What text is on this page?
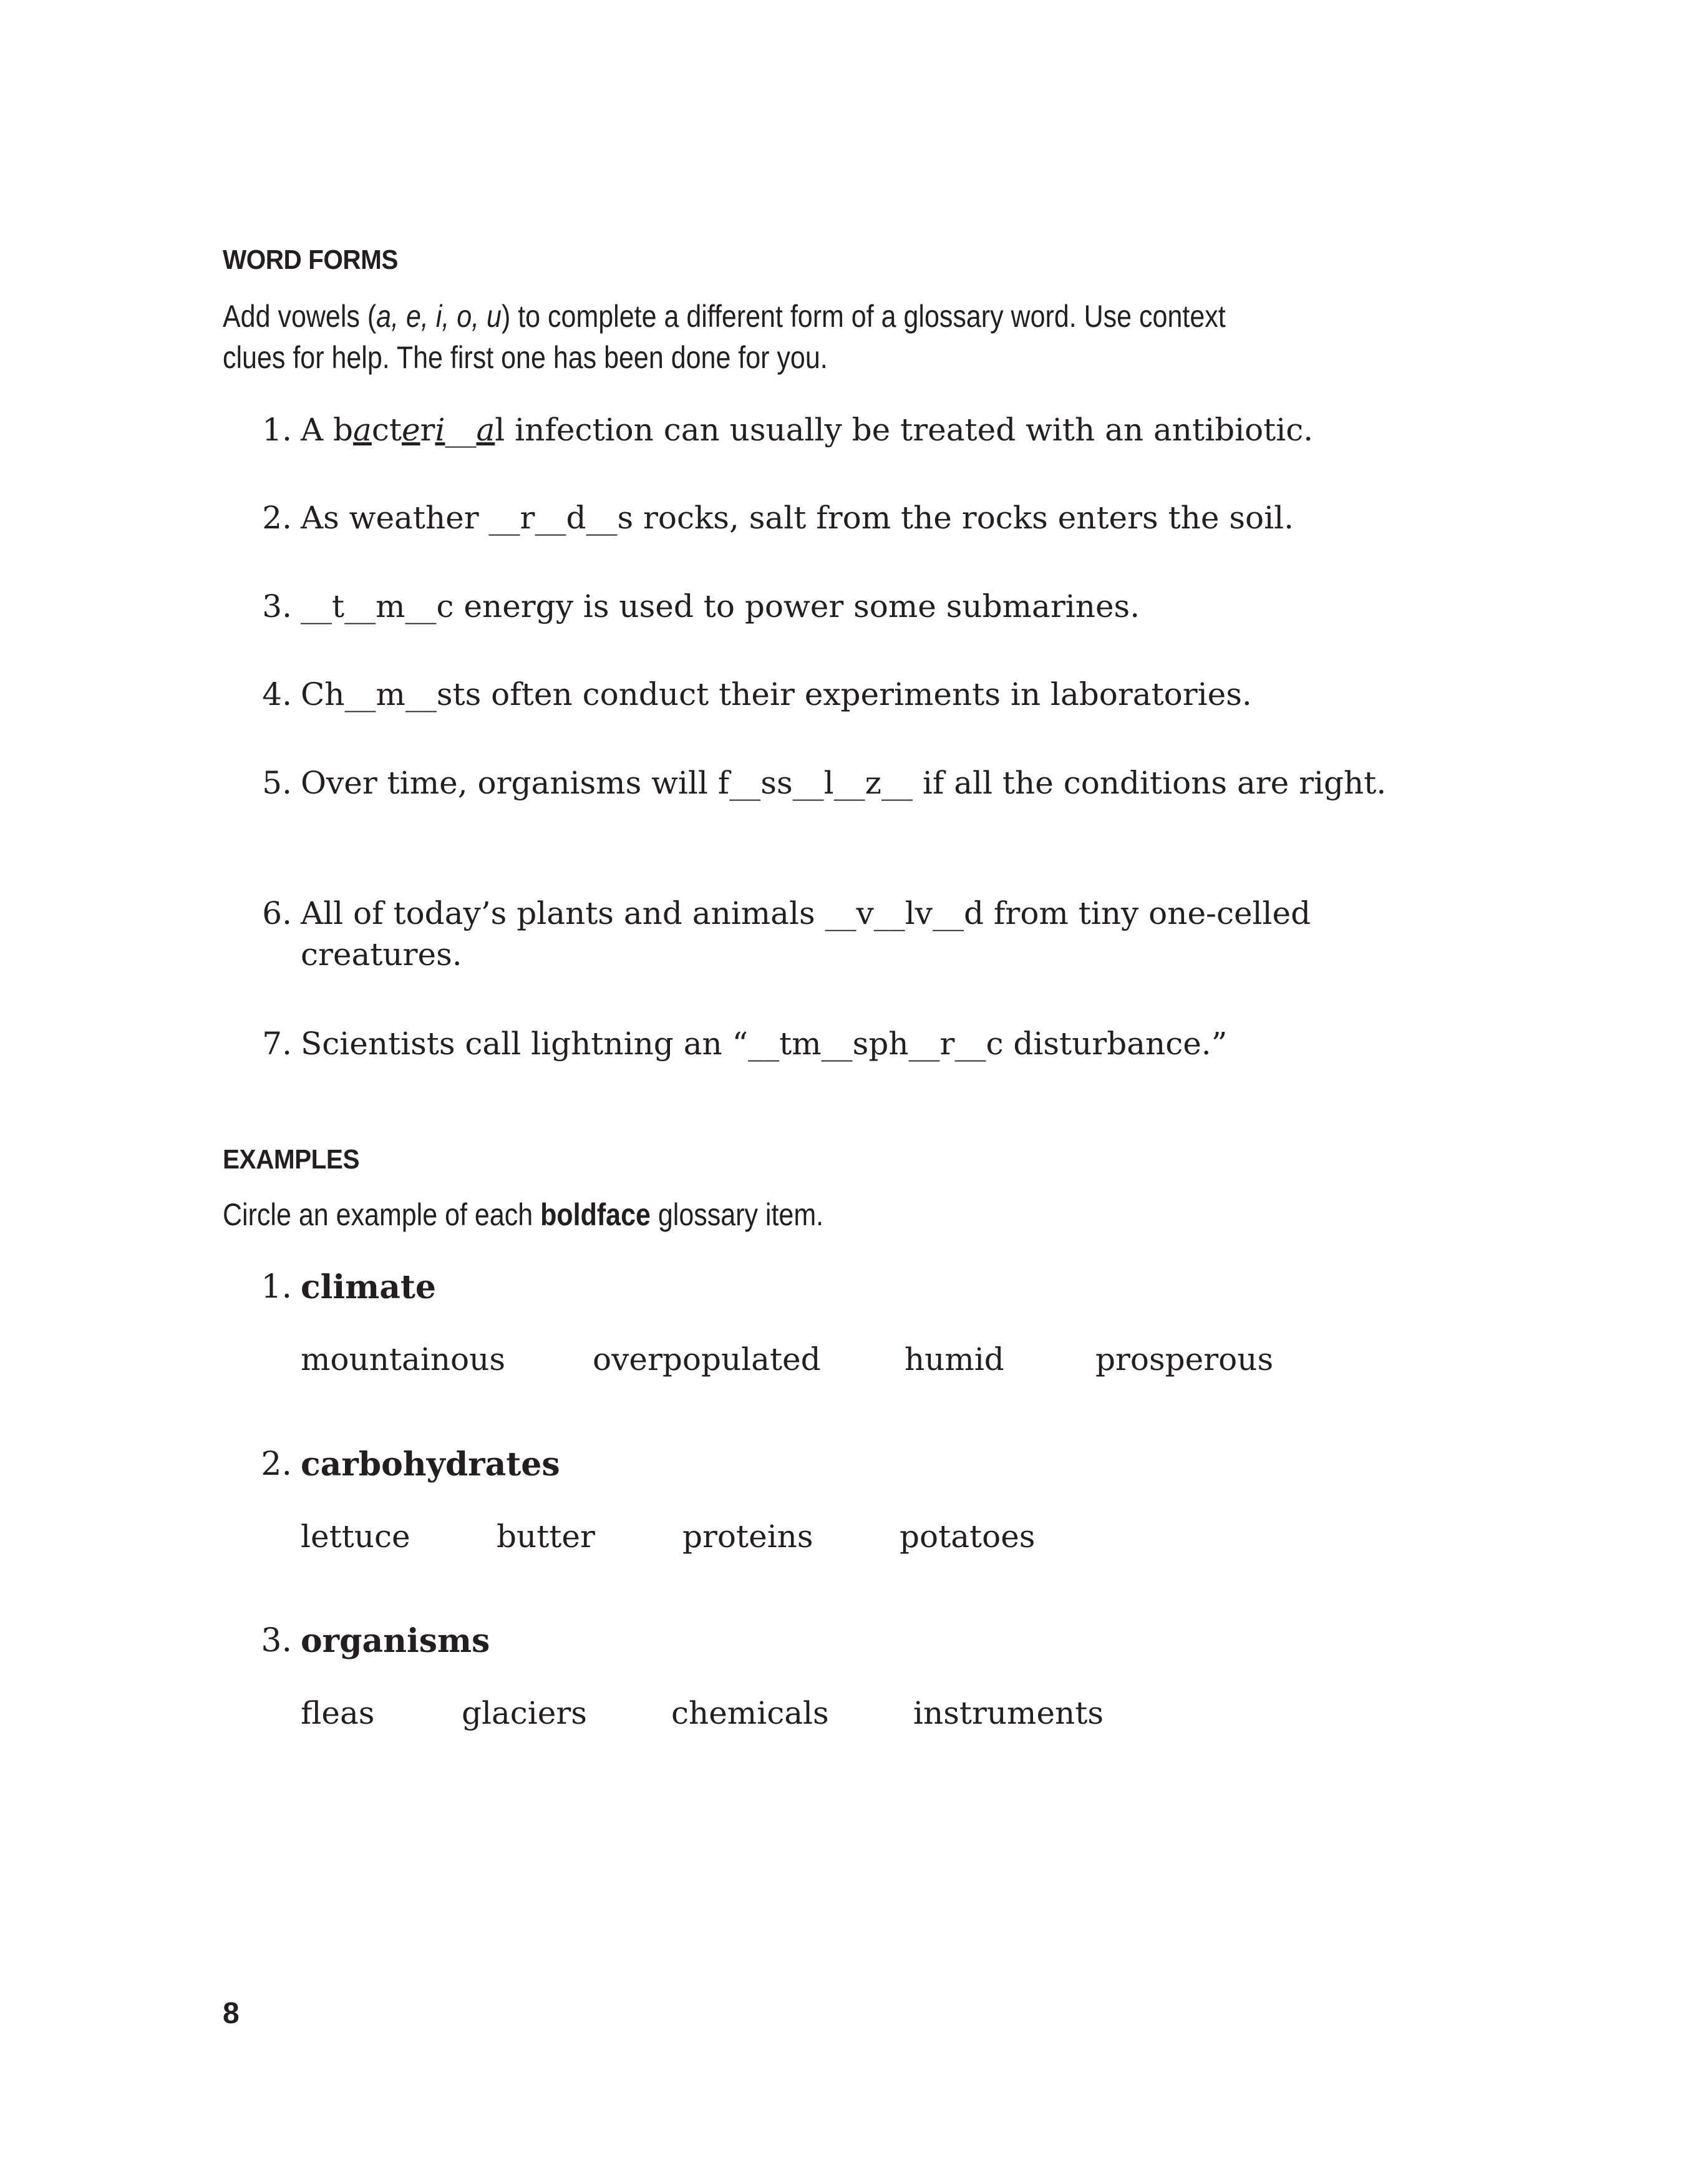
WORD FORMS
Add vowels (a, e, i, o, u) to complete a different form of a glossary word. Use context clues for help. The first one has been done for you.
1. A bacteri__al infection can usually be treated with an antibiotic.
2. As weather __r__d__s rocks, salt from the rocks enters the soil.
3. __t__m__c energy is used to power some submarines.
4. Ch__m__sts often conduct their experiments in laboratories.
5. Over time, organisms will f__ss__l__z__ if all the conditions are right.
6. All of today’s plants and animals __v__lv__d from tiny one-celled creatures.
7. Scientists call lightning an “__tm__sph__r__c disturbance.”
EXAMPLES
Circle an example of each boldface glossary item.
1. climate
mountainous	overpopulated	humid	prosperous
2. carbohydrates
lettuce	butter	proteins	potatoes
3. organisms
fleas	glaciers	chemicals	instruments
8
